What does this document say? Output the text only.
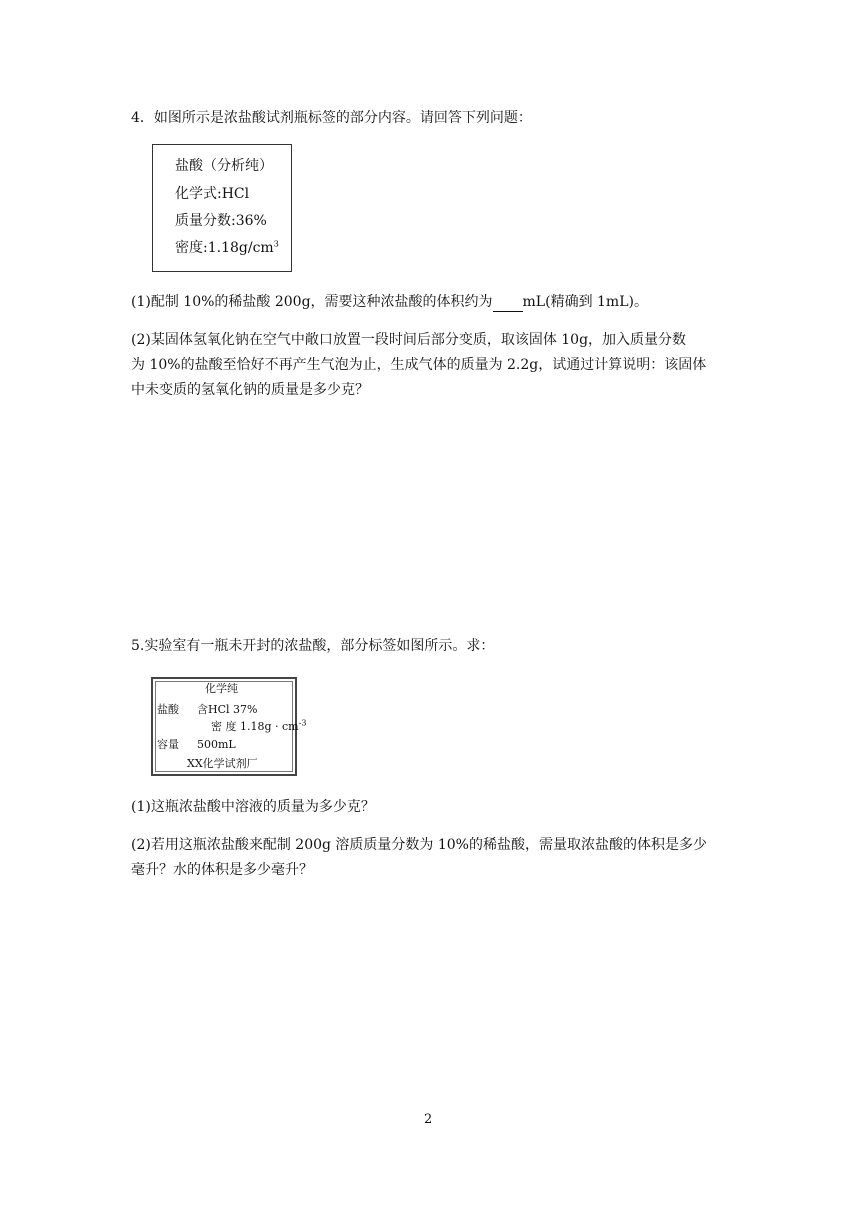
4．如图所示是浓盐酸试剂瓶标签的部分内容。请回答下列问题：
盐酸（分析纯）
化学式:HCl
质量分数:36%
密度$:1.18g/cm^3$
(1)配制 10%的稀盐酸 200g，需要这种浓盐酸的体积约为 mL(精确到 1mL)。
(2)某固体氢氧化钠在空气中敞口放置一段时间后部分变质，取该固体 10g，加入质量分数
为 10%的盐酸至恰好不再产生气泡为止，生成气体的质量为 2.2g，试通过计算说明：该固体
中未变质的氢氧化钠的质量是多少克？
5.实验室有一瓶未开封的浓盐酸，部分标签如图所示。求：
化学纯
盐酸 含HCl 37%
密 度 $1.18g \cdot cm^{-3}$
容量 500mL
XX化学试剂厂
(1)这瓶浓盐酸中溶液的质量为多少克？
(2)若用这瓶浓盐酸来配制 200g 溶质质量分数为 10%的稀盐酸，需量取浓盐酸的体积是多少
毫升？水的体积是多少毫升？
2
